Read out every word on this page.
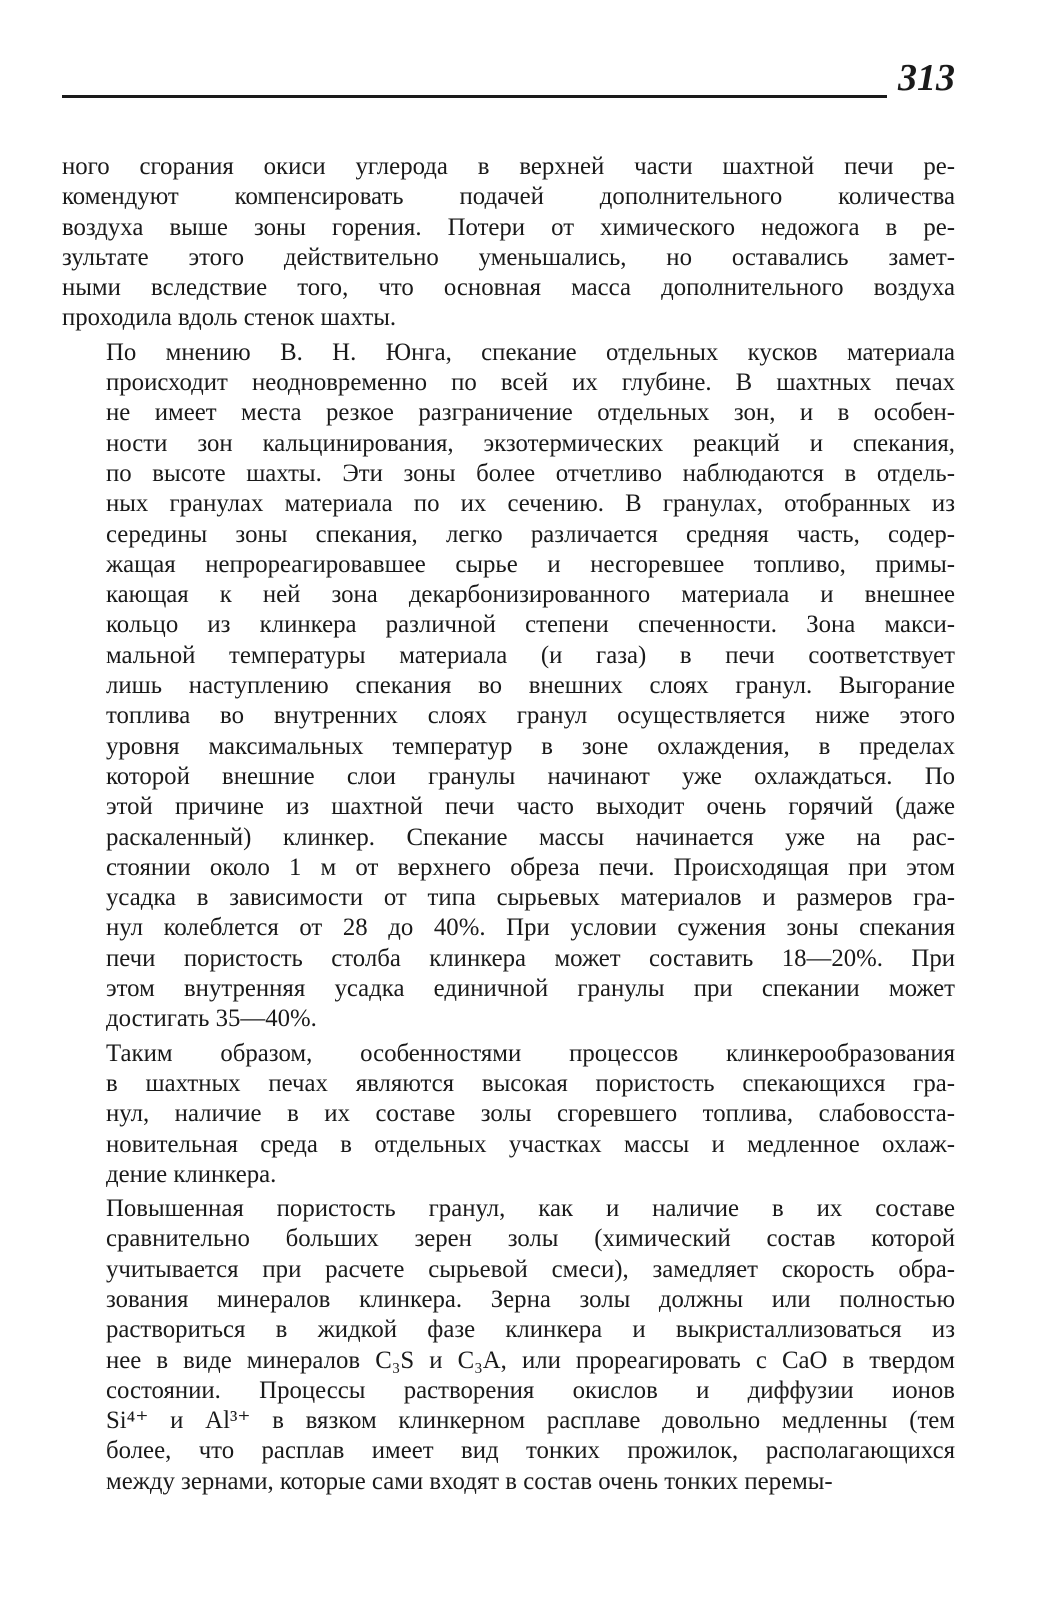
313

ного сгорания окиси углерода в верхней части шахтной печи ре-
комендуют компенсировать подачей дополнительного количества
воздуха выше зоны горения. Потери от химического недожога в ре-
зультате этого действительно уменьшались, но оставались замет-
ными вследствие того, что основная масса дополнительного воздуха
проходила вдоль стенок шахты.

По мнению В. Н. Юнга, спекание отдельных кусков материала
происходит неодновременно по всей их глубине. В шахтных печах
не имеет места резкое разграничение отдельных зон, и в особен-
ности зон кальцинирования, экзотермических реакций и спекания,
по высоте шахты. Эти зоны более отчетливо наблюдаются в отдель-
ных гранулах материала по их сечению. В гранулах, отобранных из
середины зоны спекания, легко различается средняя часть, содер-
жащая непрореагировавшее сырье и несгоревшее топливо, примы-
кающая к ней зона декарбонизированного материала и внешнее
кольцо из клинкера различной степени спеченности. Зона макси-
мальной температуры материала (и газа) в печи соответствует
лишь наступлению спекания во внешних слоях гранул. Выгорание
топлива во внутренних слоях гранул осуществляется ниже этого
уровня максимальных температур в зоне охлаждения, в пределах
которой внешние слои гранулы начинают уже охлаждаться. По
этой причине из шахтной печи часто выходит очень горячий (даже
раскаленный) клинкер. Спекание массы начинается уже на рас-
стоянии около 1 м от верхнего обреза печи. Происходящая при этом
усадка в зависимости от типа сырьевых материалов и размеров гра-
нул колеблется от 28 до 40%. При условии сужения зоны спекания
печи пористость столба клинкера может составить 18—20%. При
этом внутренняя усадка единичной гранулы при спекании может
достигать 35—40%.

Таким образом, особенностями процессов клинкерообразования
в шахтных печах являются высокая пористость спекающихся гра-
нул, наличие в их составе золы сгоревшего топлива, слабовосста-
новительная среда в отдельных участках массы и медленное охлаж-
дение клинкера.

Повышенная пористость гранул, как и наличие в их составе
сравнительно больших зерен золы (химический состав которой
учитывается при расчете сырьевой смеси), замедляет скорость обра-
зования минералов клинкера. Зерна золы должны или полностью
раствориться в жидкой фазе клинкера и выкристаллизоваться из
нее в виде минералов C₃S и C₃A, или прореагировать с CaO в твердом
состоянии. Процессы растворения окислов и диффузии ионов
Si⁴⁺ и Al³⁺ в вязком клинкерном расплаве довольно медленны (тем
более, что расплав имеет вид тонких прожилок, располагающихся
между зернами, которые сами входят в состав очень тонких перемы-
